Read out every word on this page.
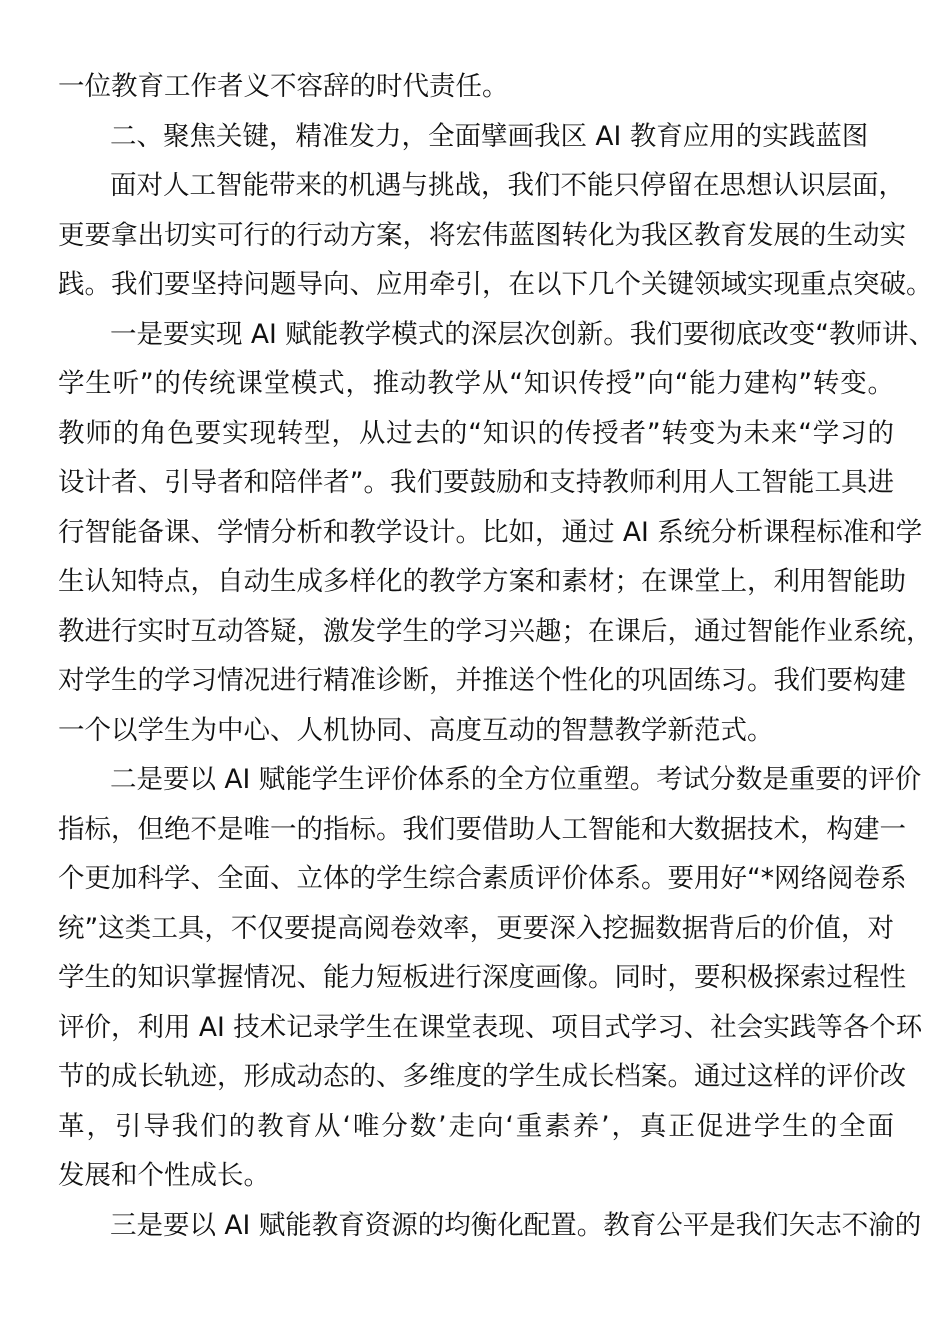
一位教育工作者义不容辞的时代责任。
二、聚焦关键，精准发力，全面擘画我区 AI 教育应用的实践蓝图
面对人工智能带来的机遇与挑战，我们不能只停留在思想认识层面，
更要拿出切实可行的行动方案，将宏伟蓝图转化为我区教育发展的生动实
践。我们要坚持问题导向、应用牵引，在以下几个关键领域实现重点突破。
一是要实现 AI 赋能教学模式的深层次创新。我们要彻底改变“教师讲、
学生听”的传统课堂模式，推动教学从“知识传授”向“能力建构”转变。
教师的角色要实现转型，从过去的“知识的传授者”转变为未来“学习的
设计者、引导者和陪伴者”。我们要鼓励和支持教师利用人工智能工具进
行智能备课、学情分析和教学设计。比如，通过 AI 系统分析课程标准和学
生认知特点，自动生成多样化的教学方案和素材；在课堂上，利用智能助
教进行实时互动答疑，激发学生的学习兴趣；在课后，通过智能作业系统，
对学生的学习情况进行精准诊断，并推送个性化的巩固练习。我们要构建
一个以学生为中心、人机协同、高度互动的智慧教学新范式。
二是要以 AI 赋能学生评价体系的全方位重塑。考试分数是重要的评价
指标，但绝不是唯一的指标。我们要借助人工智能和大数据技术，构建一
个更加科学、全面、立体的学生综合素质评价体系。要用好“*网络阅卷系
统”这类工具，不仅要提高阅卷效率，更要深入挖掘数据背后的价值，对
学生的知识掌握情况、能力短板进行深度画像。同时，要积极探索过程性
评价，利用 AI 技术记录学生在课堂表现、项目式学习、社会实践等各个环
节的成长轨迹，形成动态的、多维度的学生成长档案。通过这样的评价改
革，引导我们的教育从‘唯分数’走向‘重素养’，真正促进学生的全面
发展和个性成长。
三是要以 AI 赋能教育资源的均衡化配置。教育公平是我们矢志不渝的
